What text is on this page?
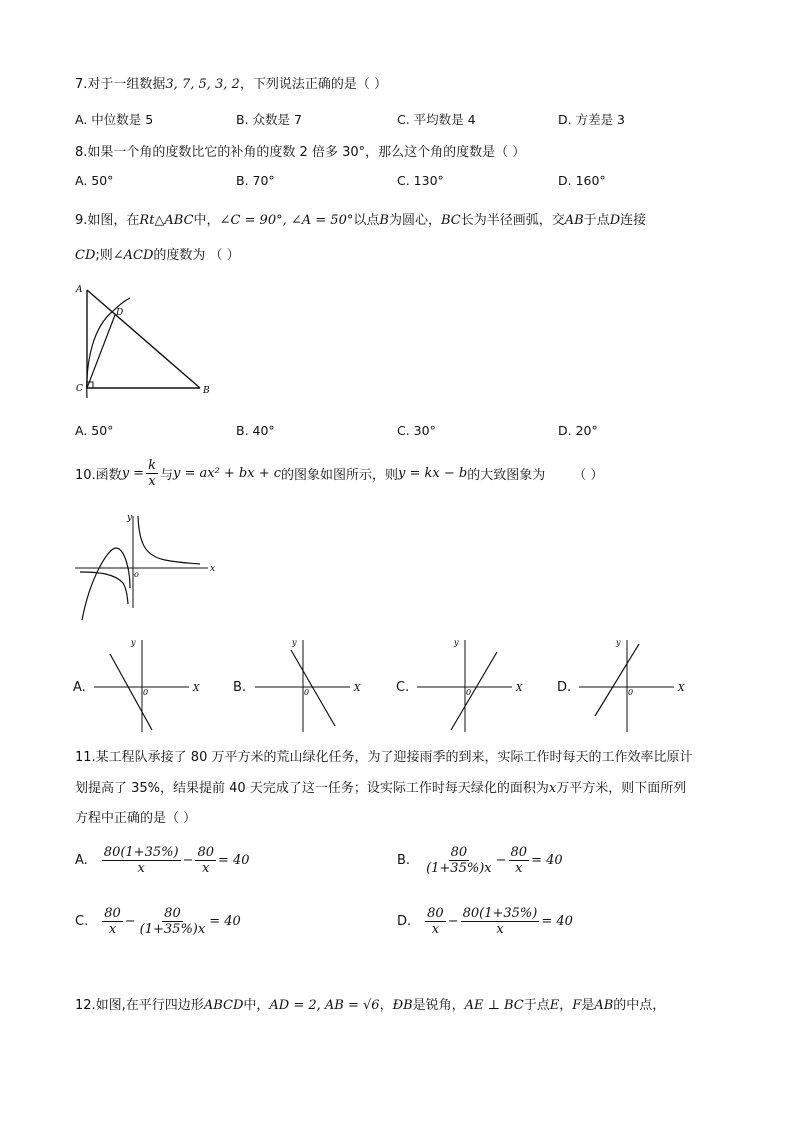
7.对于一组数据3, 7, 5, 3, 2，下列说法正确的是（ ）
A. 中位数是 5	B. 众数是 7	C. 平均数是 4	D. 方差是 3
8.如果一个角的度数比它的补角的度数 2 倍多 30°，那么这个角的度数是（ ）
A. 50°	B. 70°	C. 130°	D. 160°
9.如图，在Rt△ABC中，∠C = 90°, ∠A = 50°以点B为圆心，BC长为半径画弧，交AB于点D连接
CD;则∠ACD的度数为 （ ）
A
D
C	B
A. 50°	B. 40°	C. 30°	D. 20°
10.函数 $y = \frac{k}{x}$ 与 y = ax² + bx + c 的图象如图所示，则 y = kx − b 的大致图象为 （ ）
x
y
o
A.	X
y
0	B.	X
y
0	C.	X
y
0	D.	X
y
0
11.某工程队承接了 80 万平方米的荒山绿化任务，为了迎接雨季的到来，实际工作时每天的工作效率比原计
划提高了 35%，结果提前 40 天完成了这一任务；设实际工作时每天绿化的面积为x万平方米，则下面所列
方程中正确的是（ ）
A. $\frac{80(1+35\%)}{x} - \frac{80}{x} = 40$	B. $\frac{80}{(1+35\%)x} - \frac{80}{x} = 40$
C. $\frac{80}{x} - \frac{80}{(1+35\%)x} = 40$	D. $\frac{80}{x} - \frac{80(1+35\%)}{x} = 40$
12.如图,在平行四边形ABCD中，AD = 2, AB = √6，ÐB是锐角，AE ⊥ BC于点E，F是AB的中点，
